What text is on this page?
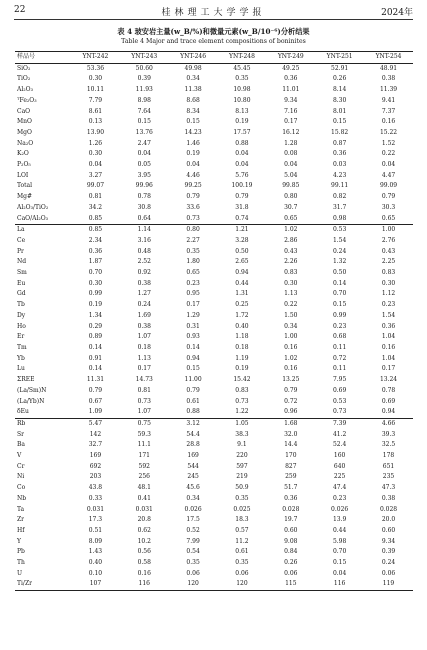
22	桂林理工大学学报	2024年
表 4 玻安岩主量(w_B/%)和微量元素(w_B/10⁻⁶)分析结果
Table 4 Major and trace element compositions of boninites
样品号	YNT-242	YNT-243	YNT-246	YNT-248	YNT-249	YNT-251	YNT-254
SiO₂	53.36	50.60	49.98	45.45	49.25	52.91	48.91
TiO₂	0.30	0.39	0.34	0.35	0.36	0.26	0.38
Al₂O₃	10.11	11.93	11.38	10.98	11.01	8.14	11.39
ᵀFe₂O₃	7.79	8.98	8.68	10.80	9.34	8.30	9.41
CaO	8.61	7.64	8.34	8.13	7.16	8.01	7.37
MnO	0.13	0.15	0.15	0.19	0.17	0.15	0.16
MgO	13.90	13.76	14.23	17.57	16.12	15.82	15.22
Na₂O	1.26	2.47	1.46	0.88	1.28	0.87	1.52
K₂O	0.30	0.04	0.19	0.04	0.08	0.36	0.22
P₂O₅	0.04	0.05	0.04	0.04	0.04	0.03	0.04
LOI	3.27	3.95	4.46	5.76	5.04	4.23	4.47
Total	99.07	99.96	99.25	100.19	99.85	99.11	99.09
Mg#	0.81	0.78	0.79	0.79	0.80	0.82	0.79
Al₂O₃/TiO₂	34.2	30.8	33.6	31.8	30.7	31.7	30.3
CaO/Al₂O₃	0.85	0.64	0.73	0.74	0.65	0.98	0.65
La	0.85	1.14	0.80	1.21	1.02	0.53	1.00
Ce	2.34	3.16	2.27	3.28	2.86	1.54	2.76
Pr	0.36	0.48	0.35	0.50	0.43	0.24	0.43
Nd	1.87	2.52	1.80	2.65	2.26	1.32	2.25
Sm	0.70	0.92	0.65	0.94	0.83	0.50	0.83
Eu	0.30	0.38	0.23	0.44	0.30	0.14	0.30
Gd	0.99	1.27	0.95	1.31	1.13	0.70	1.12
Tb	0.19	0.24	0.17	0.25	0.22	0.15	0.23
Dy	1.34	1.69	1.29	1.72	1.50	0.99	1.54
Ho	0.29	0.38	0.31	0.40	0.34	0.23	0.36
Er	0.89	1.07	0.93	1.18	1.00	0.68	1.04
Tm	0.14	0.18	0.14	0.18	0.16	0.11	0.16
Yb	0.91	1.13	0.94	1.19	1.02	0.72	1.04
Lu	0.14	0.17	0.15	0.19	0.16	0.11	0.17
ΣREE	11.31	14.73	11.00	15.42	13.25	7.95	13.24
(La/Sm)N	0.79	0.81	0.79	0.83	0.79	0.69	0.78
(La/Yb)N	0.67	0.73	0.61	0.73	0.72	0.53	0.69
δEu	1.09	1.07	0.88	1.22	0.96	0.73	0.94
Rb	5.47	0.75	3.12	1.05	1.68	7.39	4.66
Sr	142	59.3	54.4	38.3	32.0	41.2	39.3
Ba	32.7	11.1	28.8	9.1	14.4	52.4	32.5
V	169	171	169	220	170	160	178
Cr	692	592	544	597	827	640	651
Ni	203	256	245	219	259	225	235
Co	43.8	48.1	45.6	50.9	51.7	47.4	47.3
Nb	0.33	0.41	0.34	0.35	0.36	0.23	0.38
Ta	0.031	0.031	0.026	0.025	0.028	0.026	0.028
Zr	17.3	20.8	17.5	18.3	19.7	13.9	20.0
Hf	0.51	0.62	0.52	0.57	0.60	0.44	0.60
Y	8.09	10.2	7.99	11.2	9.08	5.98	9.34
Pb	1.43	0.56	0.54	0.61	0.84	0.70	0.39
Th	0.40	0.58	0.35	0.35	0.26	0.15	0.24
U	0.10	0.16	0.06	0.06	0.06	0.04	0.06
Ti/Zr	107	116	120	120	115	116	119
